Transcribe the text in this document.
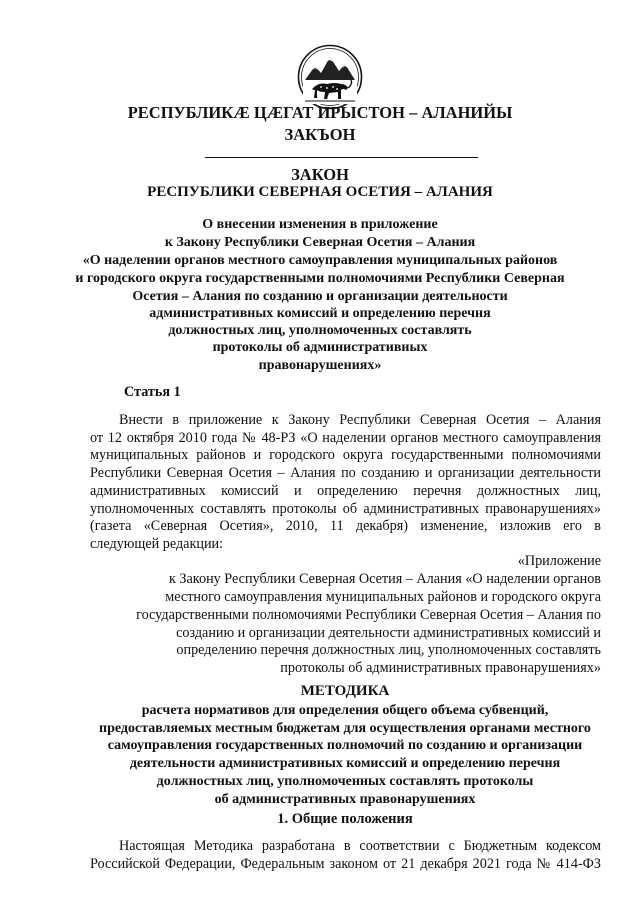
РЕСПУБЛИКÆ ЦÆГАТ ИРЫСТОН – АЛАНИЙЫ
ЗАКЪОН
ЗАКОН
РЕСПУБЛИКИ СЕВЕРНАЯ ОСЕТИЯ – АЛАНИЯ
О внесении изменения в приложение
к Закону Республики Северная Осетия – Алания
«О наделении органов местного самоуправления муниципальных районов
и городского округа государственными полномочиями Республики Северная
Осетия – Алания по созданию и организации деятельности
административных комиссий и определению перечня
должностных лиц, уполномоченных составлять
протоколы об административных
правонарушениях»
Статья 1
Внести в приложение к Закону Республики Северная Осетия – Алания
от 12 октября 2010 года № 48-РЗ «О наделении органов местного самоуправления
муниципальных районов и городского округа государственными полномочиями
Республики Северная Осетия – Алания по созданию и организации деятельности
административных комиссий и определению перечня должностных лиц,
уполномоченных составлять протоколы об административных правонарушениях»
(газета «Северная Осетия», 2010, 11 декабря) изменение, изложив его в
следующей редакции:
«Приложение
к Закону Республики Северная Осетия – Алания «О наделении органов
местного самоуправления муниципальных районов и городского округа
государственными полномочиями Республики Северная Осетия – Алания по
созданию и организации деятельности административных комиссий и
определению перечня должностных лиц, уполномоченных составлять
протоколы об административных правонарушениях»
МЕТОДИКА
расчета нормативов для определения общего объема субвенций,
предоставляемых местным бюджетам для осуществления органами местного
самоуправления государственных полномочий по созданию и организации
деятельности административных комиссий и определению перечня
должностных лиц, уполномоченных составлять протоколы
об административных правонарушениях
1. Общие положения
Настоящая Методика разработана в соответствии с Бюджетным кодексом
Российской Федерации, Федеральным законом от 21 декабря 2021 года № 414-ФЗ
